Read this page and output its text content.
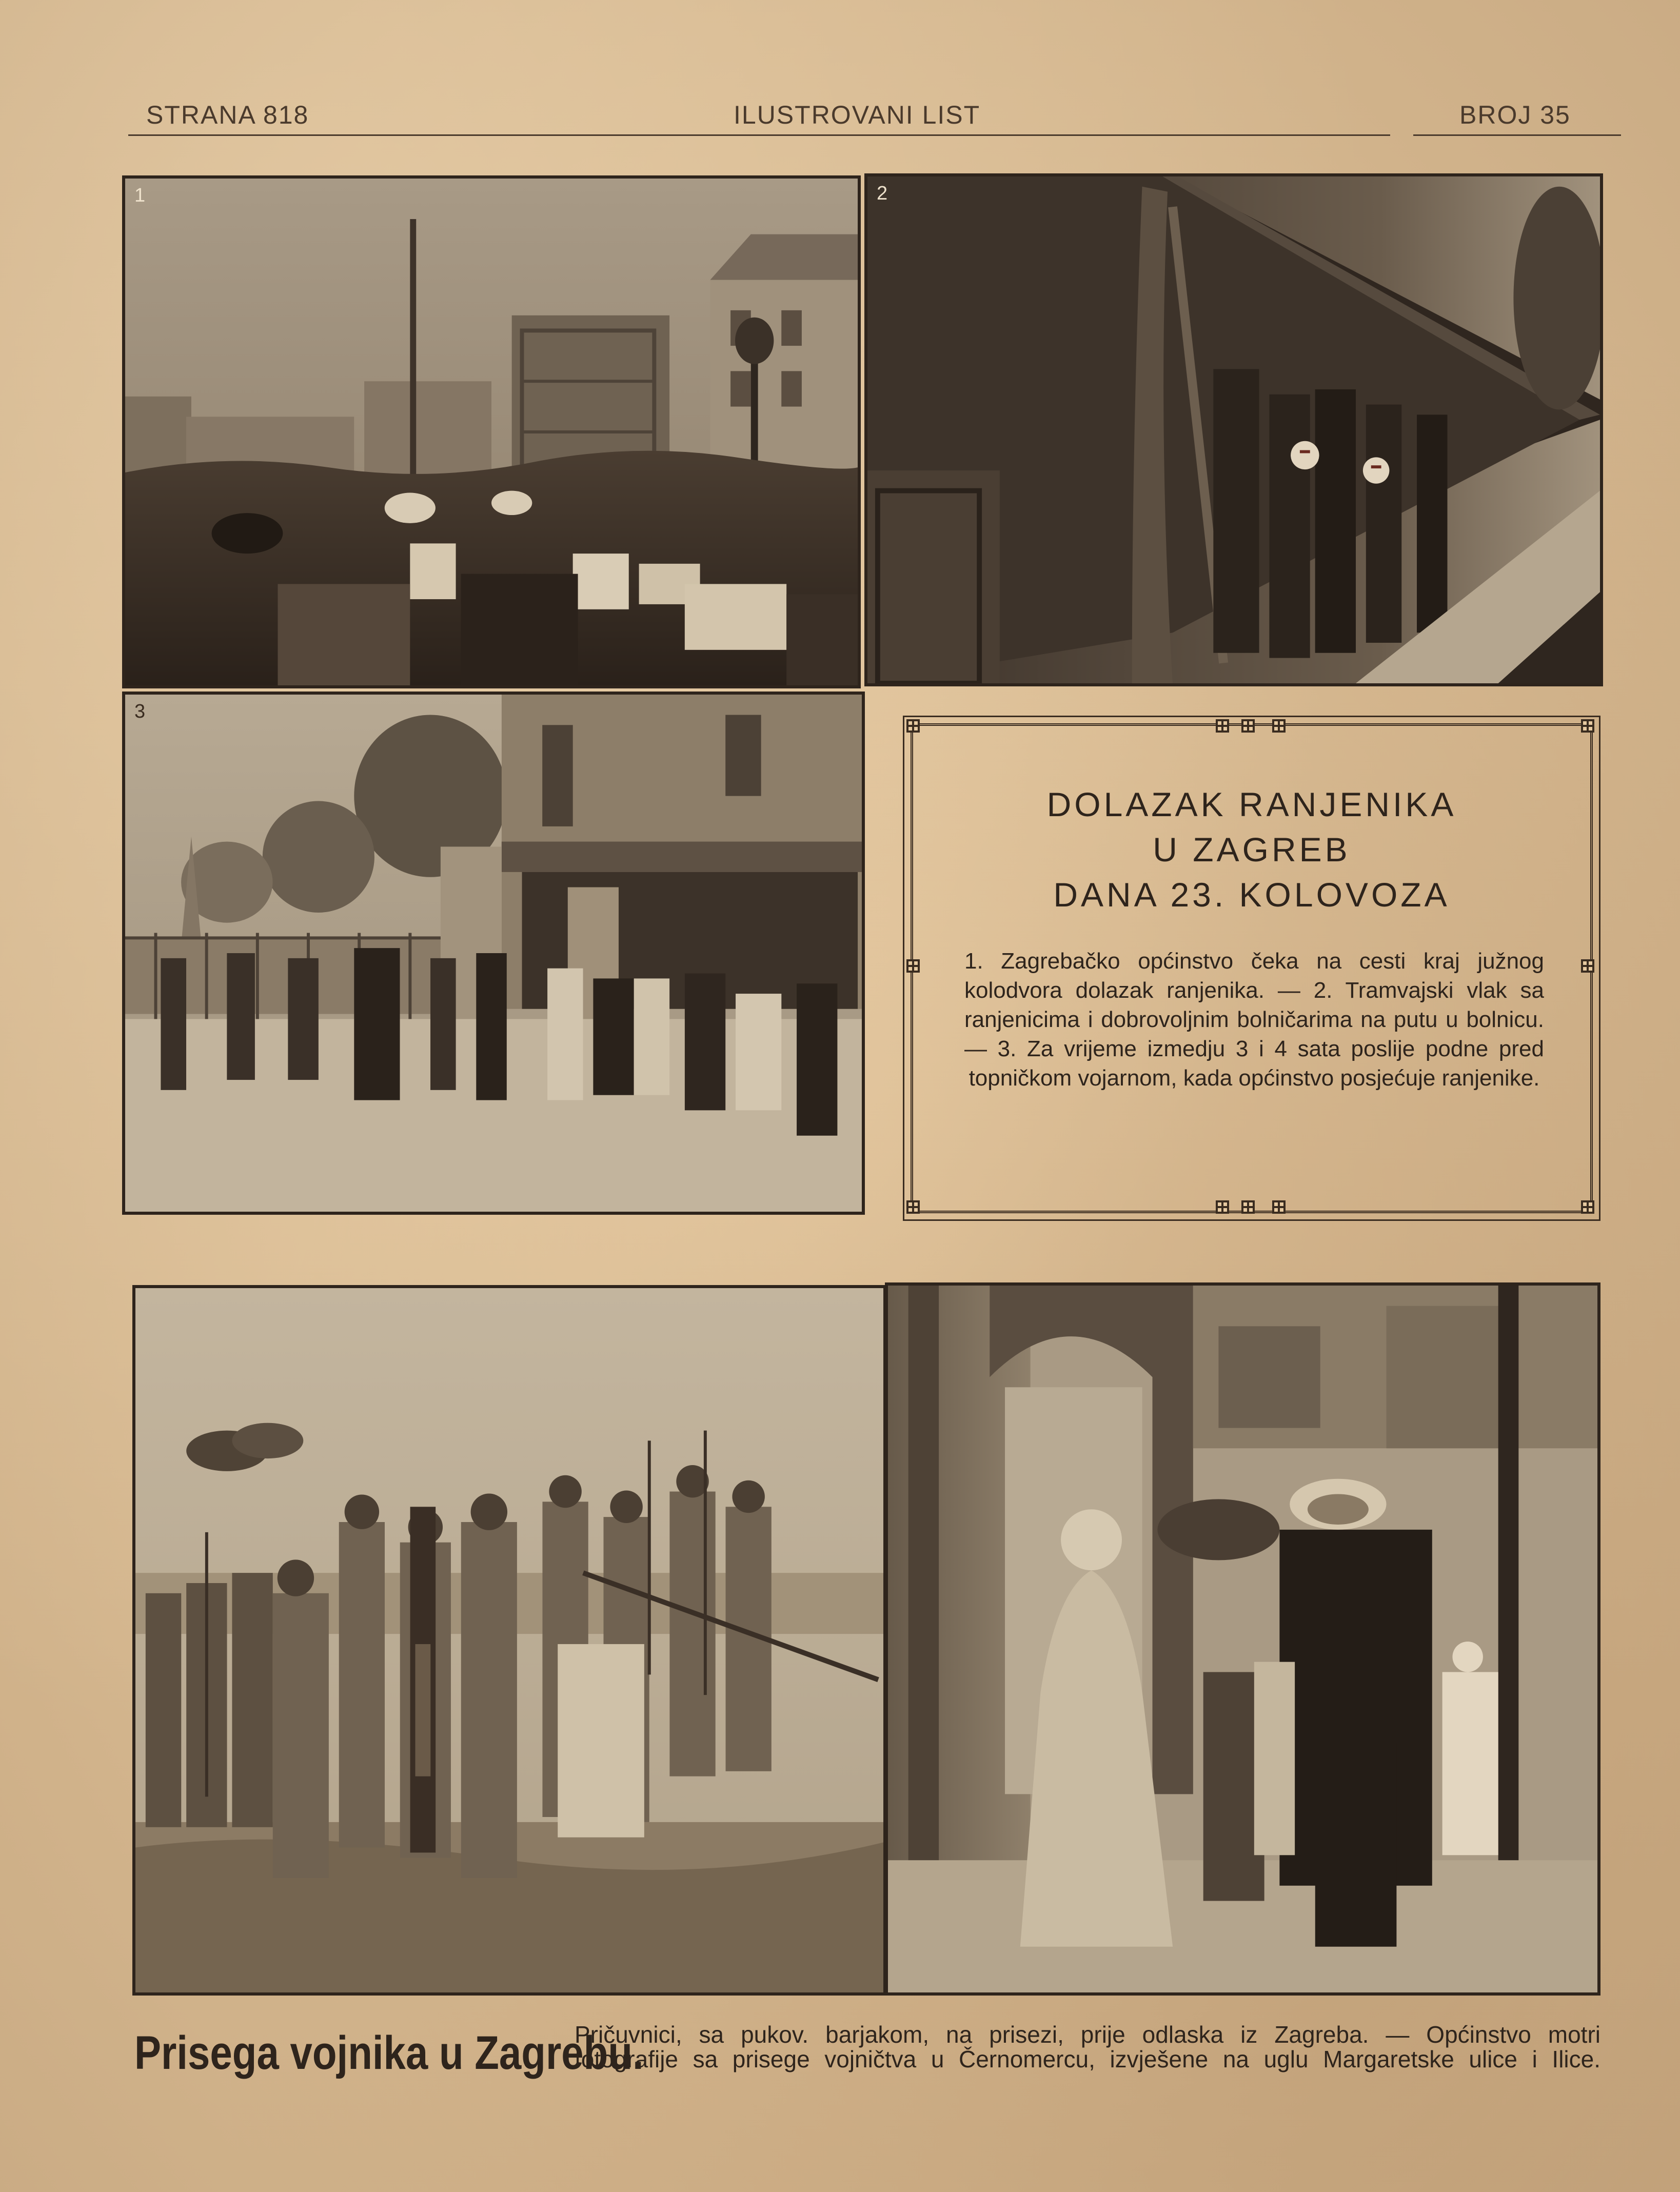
STRANA 818	ILUSTROVANI LIST	BROJ 35
1	2
3
DOLAZAK RANJENIKA
U ZAGREB
DANA 23. KOLOVOZA
1. Zagrebačko općinstvo čeka na cesti kraj južnog kolodvora dolazak ranjenika. — 2. Tramvajski vlak sa ranjenicima i dobrovoljnim bolničarima na putu u bolnicu. — 3. Za vrijeme izmedju 3 i 4 sata poslije podne pred topničkom vojarnom, kada općinstvo posjećuje ranjenike.
Prisega vojnika u Zagrebu.
Pričuvnici, sa pukov. barjakom, na prisezi, prije odlaska iz Zagreba. — Općinstvo motri
fotografije sa prisege vojničtva u Černomercu, izvješene na uglu Margaretske ulice i Ilice.
